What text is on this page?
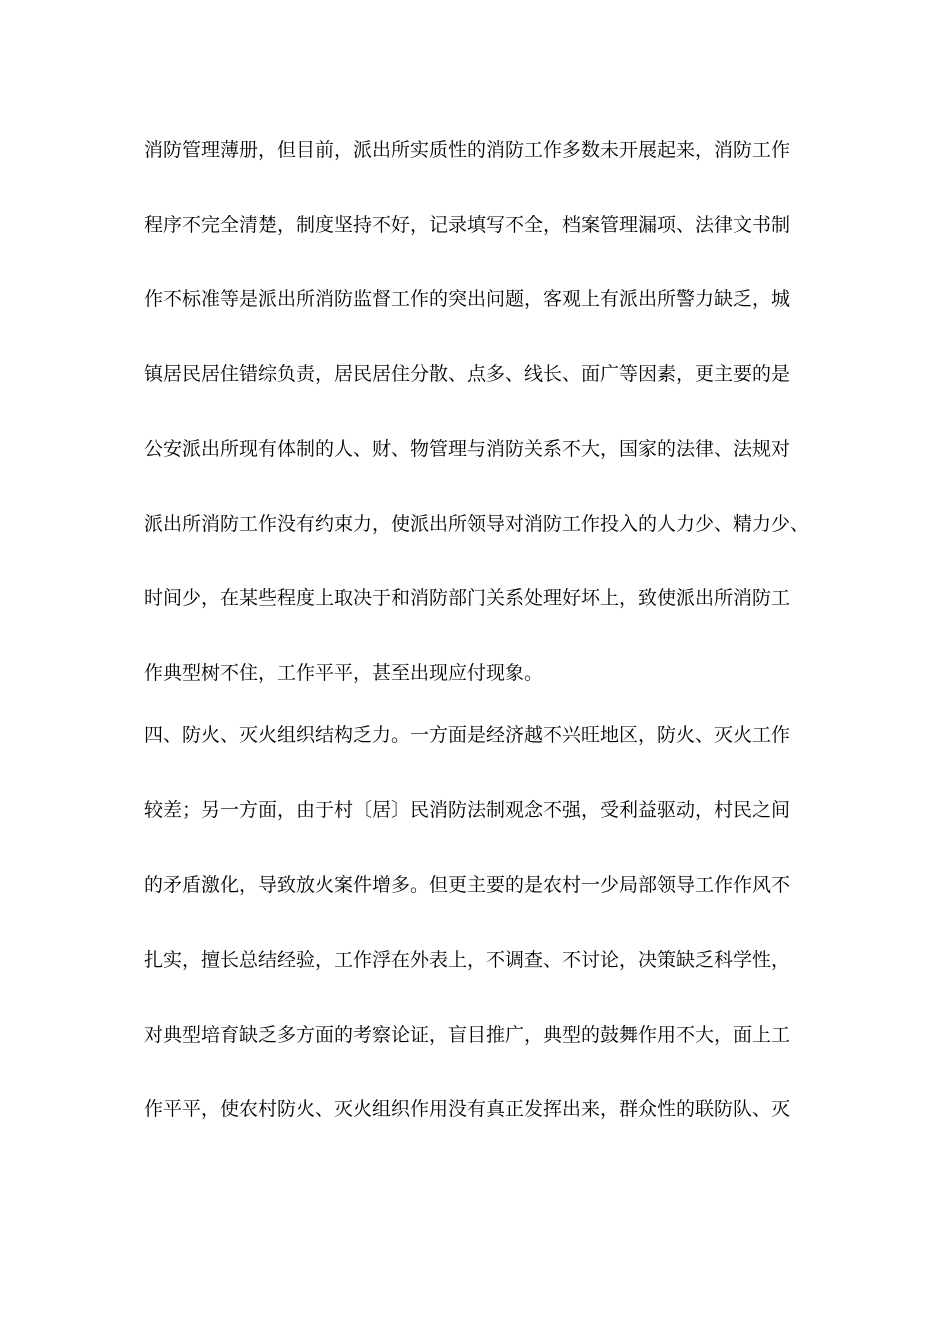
消防管理薄册，但目前，派出所实质性的消防工作多数未开展起来，消防工作
程序不完全清楚，制度坚持不好，记录填写不全，档案管理漏项、法律文书制
作不标准等是派出所消防监督工作的突出问题，客观上有派出所警力缺乏，城
镇居民居住错综负责，居民居住分散、点多、线长、面广等因素，更主要的是
公安派出所现有体制的人、财、物管理与消防关系不大，国家的法律、法规对
派出所消防工作没有约束力，使派出所领导对消防工作投入的人力少、精力少、
时间少，在某些程度上取决于和消防部门关系处理好坏上，致使派出所消防工
作典型树不住，工作平平，甚至出现应付现象。
四、防火、灭火组织结构乏力。一方面是经济越不兴旺地区，防火、灭火工作
较差；另一方面，由于村〔居〕民消防法制观念不强，受利益驱动，村民之间
的矛盾激化，导致放火案件增多。但更主要的是农村一少局部领导工作作风不
扎实，擅长总结经验，工作浮在外表上，不调查、不讨论，决策缺乏科学性，
对典型培育缺乏多方面的考察论证，盲目推广，典型的鼓舞作用不大，面上工
作平平，使农村防火、灭火组织作用没有真正发挥出来，群众性的联防队、灭
